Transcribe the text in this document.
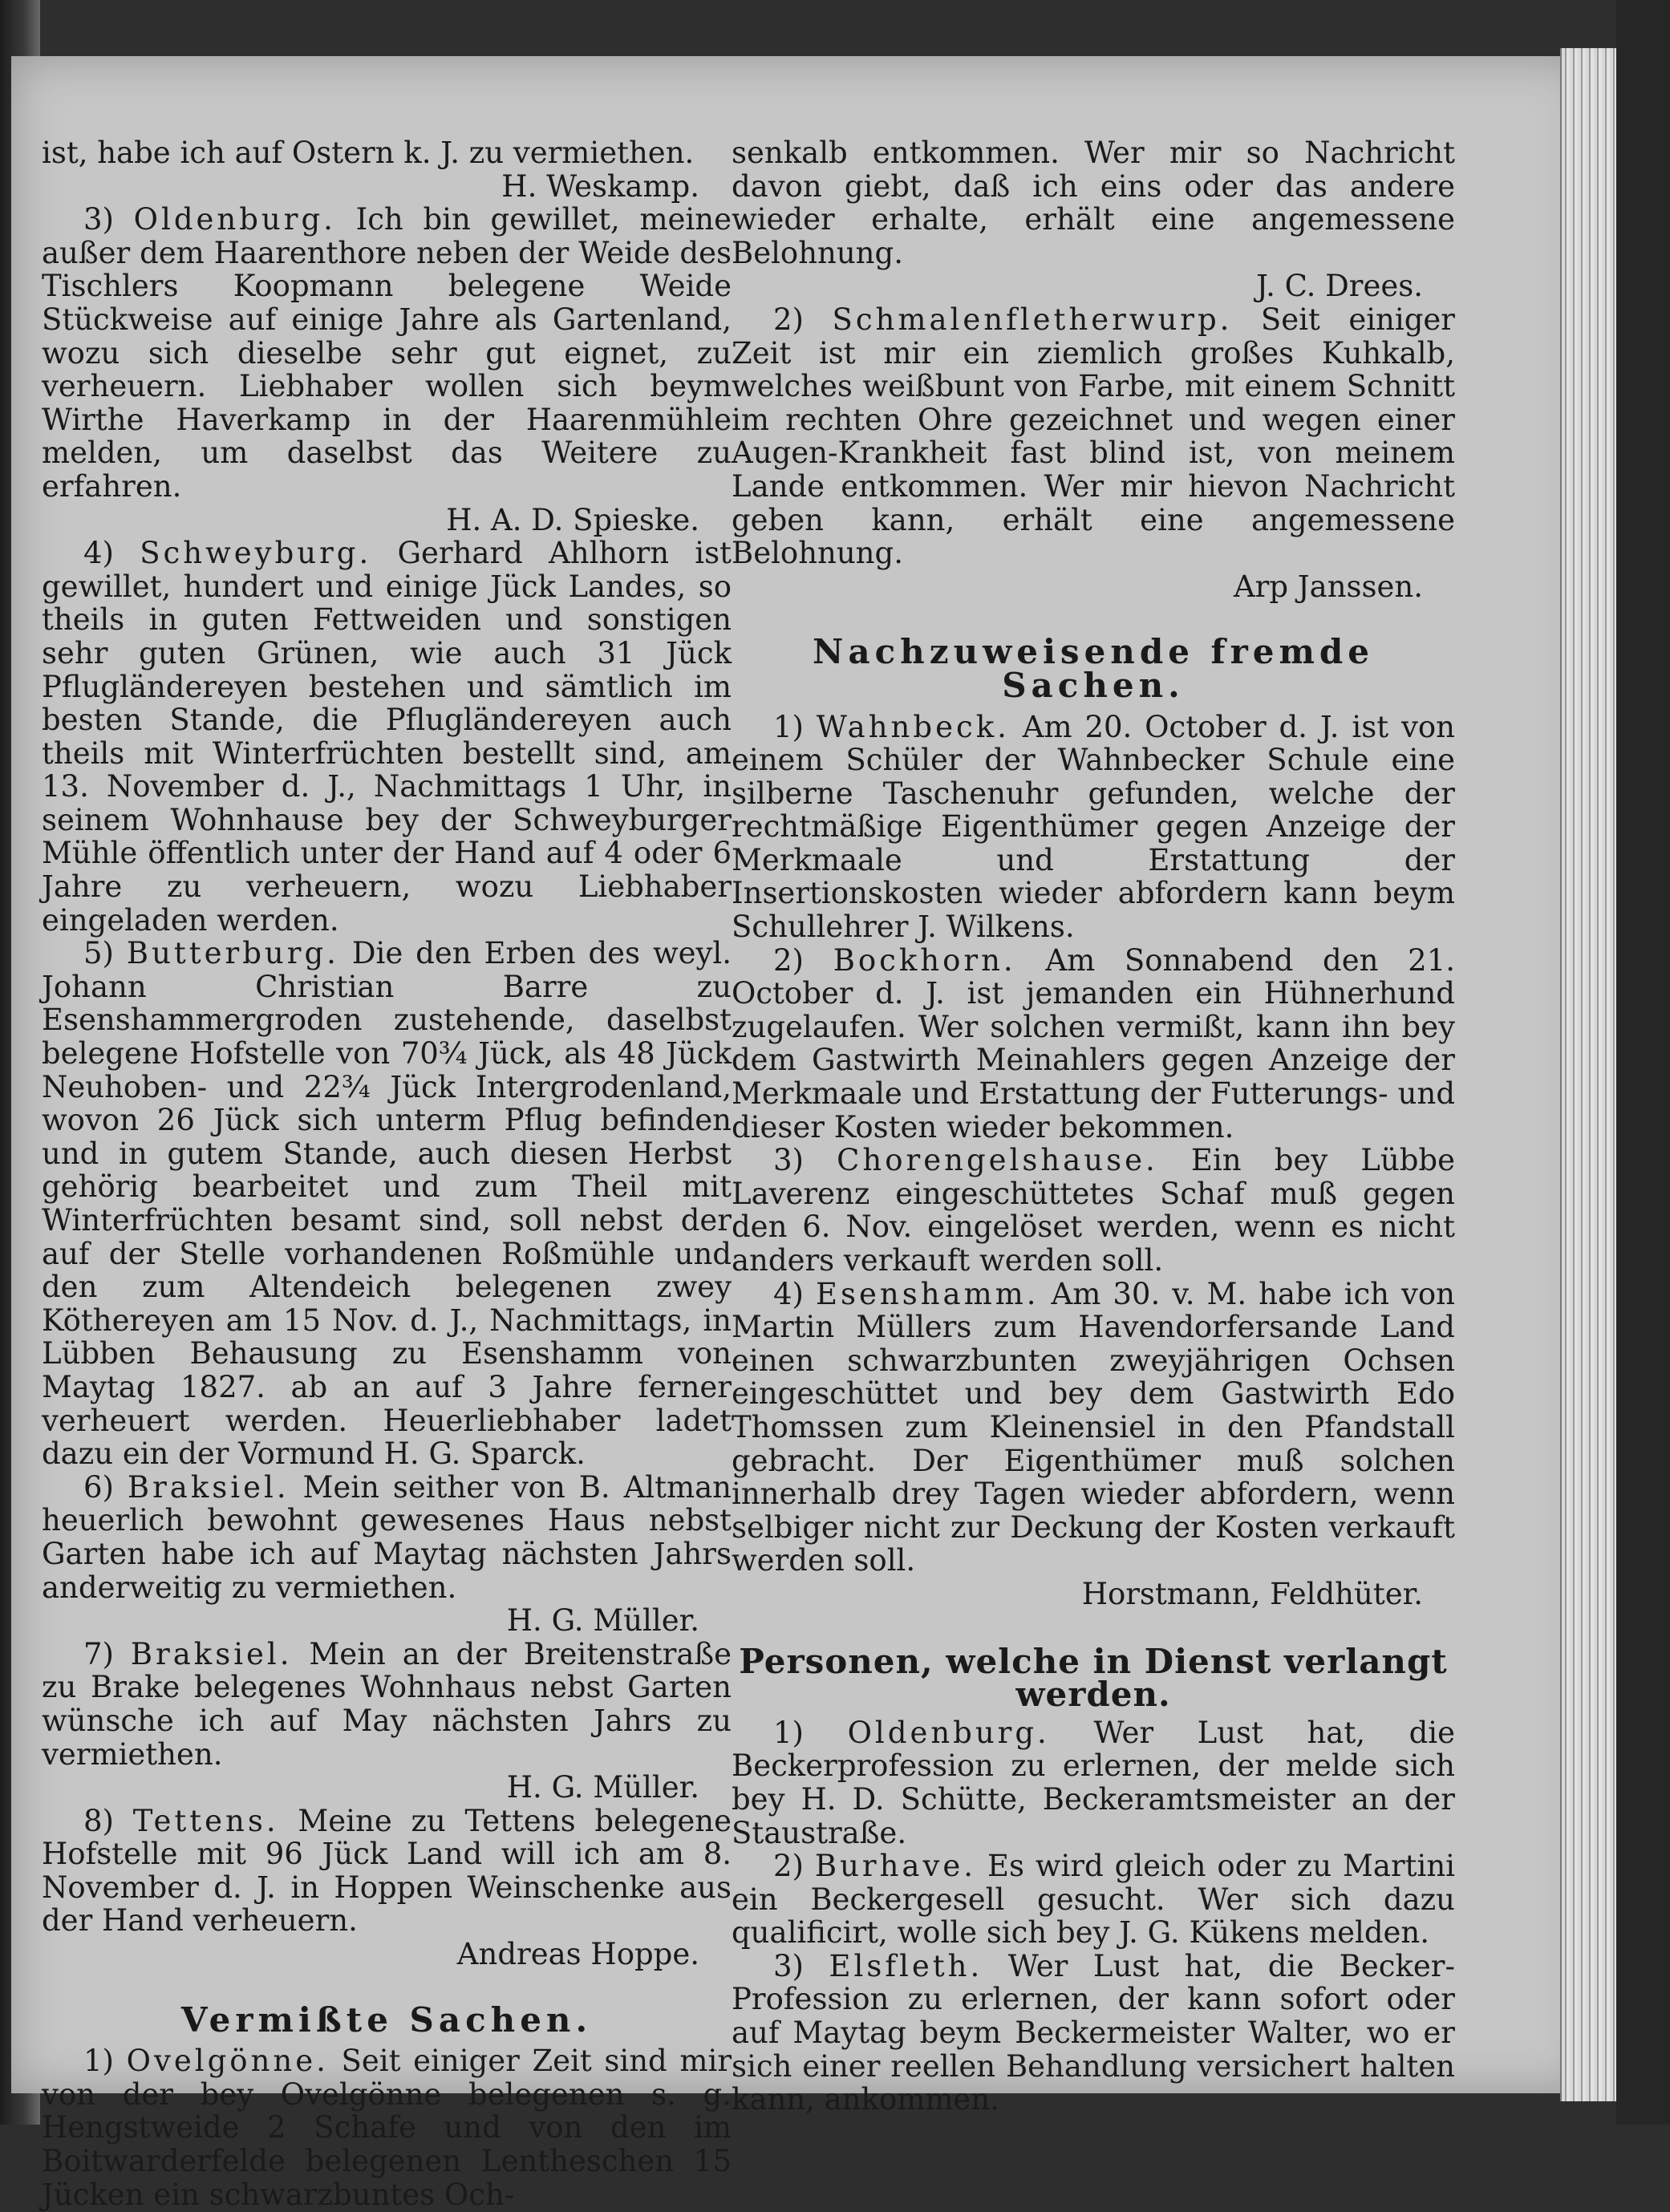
ist, habe ich auf Ostern k. J. zu vermiethen.

H. Weskamp.

3) Oldenburg. Ich bin gewillet, meine außer dem Haarenthore neben der Weide des Tischlers Koopmann belegene Weide Stückweise auf einige Jahre als Gartenland, wozu sich dieselbe sehr gut eignet, zu verheuern. Liebhaber wollen sich beym Wirthe Haverkamp in der Haarenmühle melden, um daselbst das Weitere zu erfahren.

H. A. D. Spieske.

4) Schweyburg. Gerhard Ahlhorn ist gewillet, hundert und einige Jück Landes, so theils in guten Fettweiden und sonstigen sehr guten Grünen, wie auch 31 Jück Pflugländereyen bestehen und sämtlich im besten Stande, die Pflugländereyen auch theils mit Winterfrüchten bestellt sind, am 13. November d. J., Nachmittags 1 Uhr, in seinem Wohnhause bey der Schweyburger Mühle öffentlich unter der Hand auf 4 oder 6 Jahre zu verheuern, wozu Liebhaber eingeladen werden.

5) Butterburg. Die den Erben des weyl. Johann Christian Barre zu Esenshammergroden zustehende, daselbst belegene Hofstelle von 70¾ Jück, als 48 Jück Neuhoben- und 22¾ Jück Intergrodenland, wovon 26 Jück sich unterm Pflug befinden und in gutem Stande, auch diesen Herbst gehörig bearbeitet und zum Theil mit Winterfrüchten besamt sind, soll nebst der auf der Stelle vorhandenen Roßmühle und den zum Altendeich belegenen zwey Köthereyen am 15 Nov. d. J., Nachmittags, in Lübben Behausung zu Esenshamm von Maytag 1827. ab an auf 3 Jahre ferner verheuert werden. Heuerliebhaber ladet dazu ein der Vormund H. G. Sparck.

6) Braksiel. Mein seither von B. Altman heuerlich bewohnt gewesenes Haus nebst Garten habe ich auf Maytag nächsten Jahrs anderweitig zu vermiethen.

H. G. Müller.

7) Braksiel. Mein an der Breitenstraße zu Brake belegenes Wohnhaus nebst Garten wünsche ich auf May nächsten Jahrs zu vermiethen.

H. G. Müller.

8) Tettens. Meine zu Tettens belegene Hofstelle mit 96 Jück Land will ich am 8. November d. J. in Hoppen Weinschenke aus der Hand verheuern.

Andreas Hoppe.

Vermißte Sachen.

1) Ovelgönne. Seit einiger Zeit sind mir von der bey Ovelgönne belegenen s. g. Hengstweide 2 Schafe und von den im Boitwarderfelde belegenen Lentheschen 15 Jücken ein schwarzbuntes Och-

senkalb entkommen. Wer mir so Nachricht davon giebt, daß ich eins oder das andere wieder erhalte, erhält eine angemessene Belohnung.

J. C. Drees.

2) Schmalenfletherwurp. Seit einiger Zeit ist mir ein ziemlich großes Kuhkalb, welches weißbunt von Farbe, mit einem Schnitt im rechten Ohre gezeichnet und wegen einer Augen-Krankheit fast blind ist, von meinem Lande entkommen. Wer mir hievon Nachricht geben kann, erhält eine angemessene Belohnung.

Arp Janssen.

Nachzuweisende fremde Sachen.

1) Wahnbeck. Am 20. October d. J. ist von einem Schüler der Wahnbecker Schule eine silberne Taschenuhr gefunden, welche der rechtmäßige Eigenthümer gegen Anzeige der Merkmaale und Erstattung der Insertionskosten wieder abfordern kann beym Schullehrer J. Wilkens.

2) Bockhorn. Am Sonnabend den 21. October d. J. ist jemanden ein Hühnerhund zugelaufen. Wer solchen vermißt, kann ihn bey dem Gastwirth Meinahlers gegen Anzeige der Merkmaale und Erstattung der Futterungs- und dieser Kosten wieder bekommen.

3) Chorengelshause. Ein bey Lübbe Laverenz eingeschüttetes Schaf muß gegen den 6. Nov. eingelöset werden, wenn es nicht anders verkauft werden soll.

4) Esenshamm. Am 30. v. M. habe ich von Martin Müllers zum Havendorfersande Land einen schwarzbunten zweyjährigen Ochsen eingeschüttet und bey dem Gastwirth Edo Thomssen zum Kleinensiel in den Pfandstall gebracht. Der Eigenthümer muß solchen innerhalb drey Tagen wieder abfordern, wenn selbiger nicht zur Deckung der Kosten verkauft werden soll.

Horstmann, Feldhüter.

Personen, welche in Dienst verlangt werden.

1) Oldenburg. Wer Lust hat, die Beckerprofession zu erlernen, der melde sich bey H. D. Schütte, Beckeramtsmeister an der Staustraße.

2) Burhave. Es wird gleich oder zu Martini ein Beckergesell gesucht. Wer sich dazu qualificirt, wolle sich bey J. G. Kükens melden.

3) Elsfleth. Wer Lust hat, die Becker-Profession zu erlernen, der kann sofort oder auf Maytag beym Beckermeister Walter, wo er sich einer reellen Behandlung versichert halten kann, ankommen.
